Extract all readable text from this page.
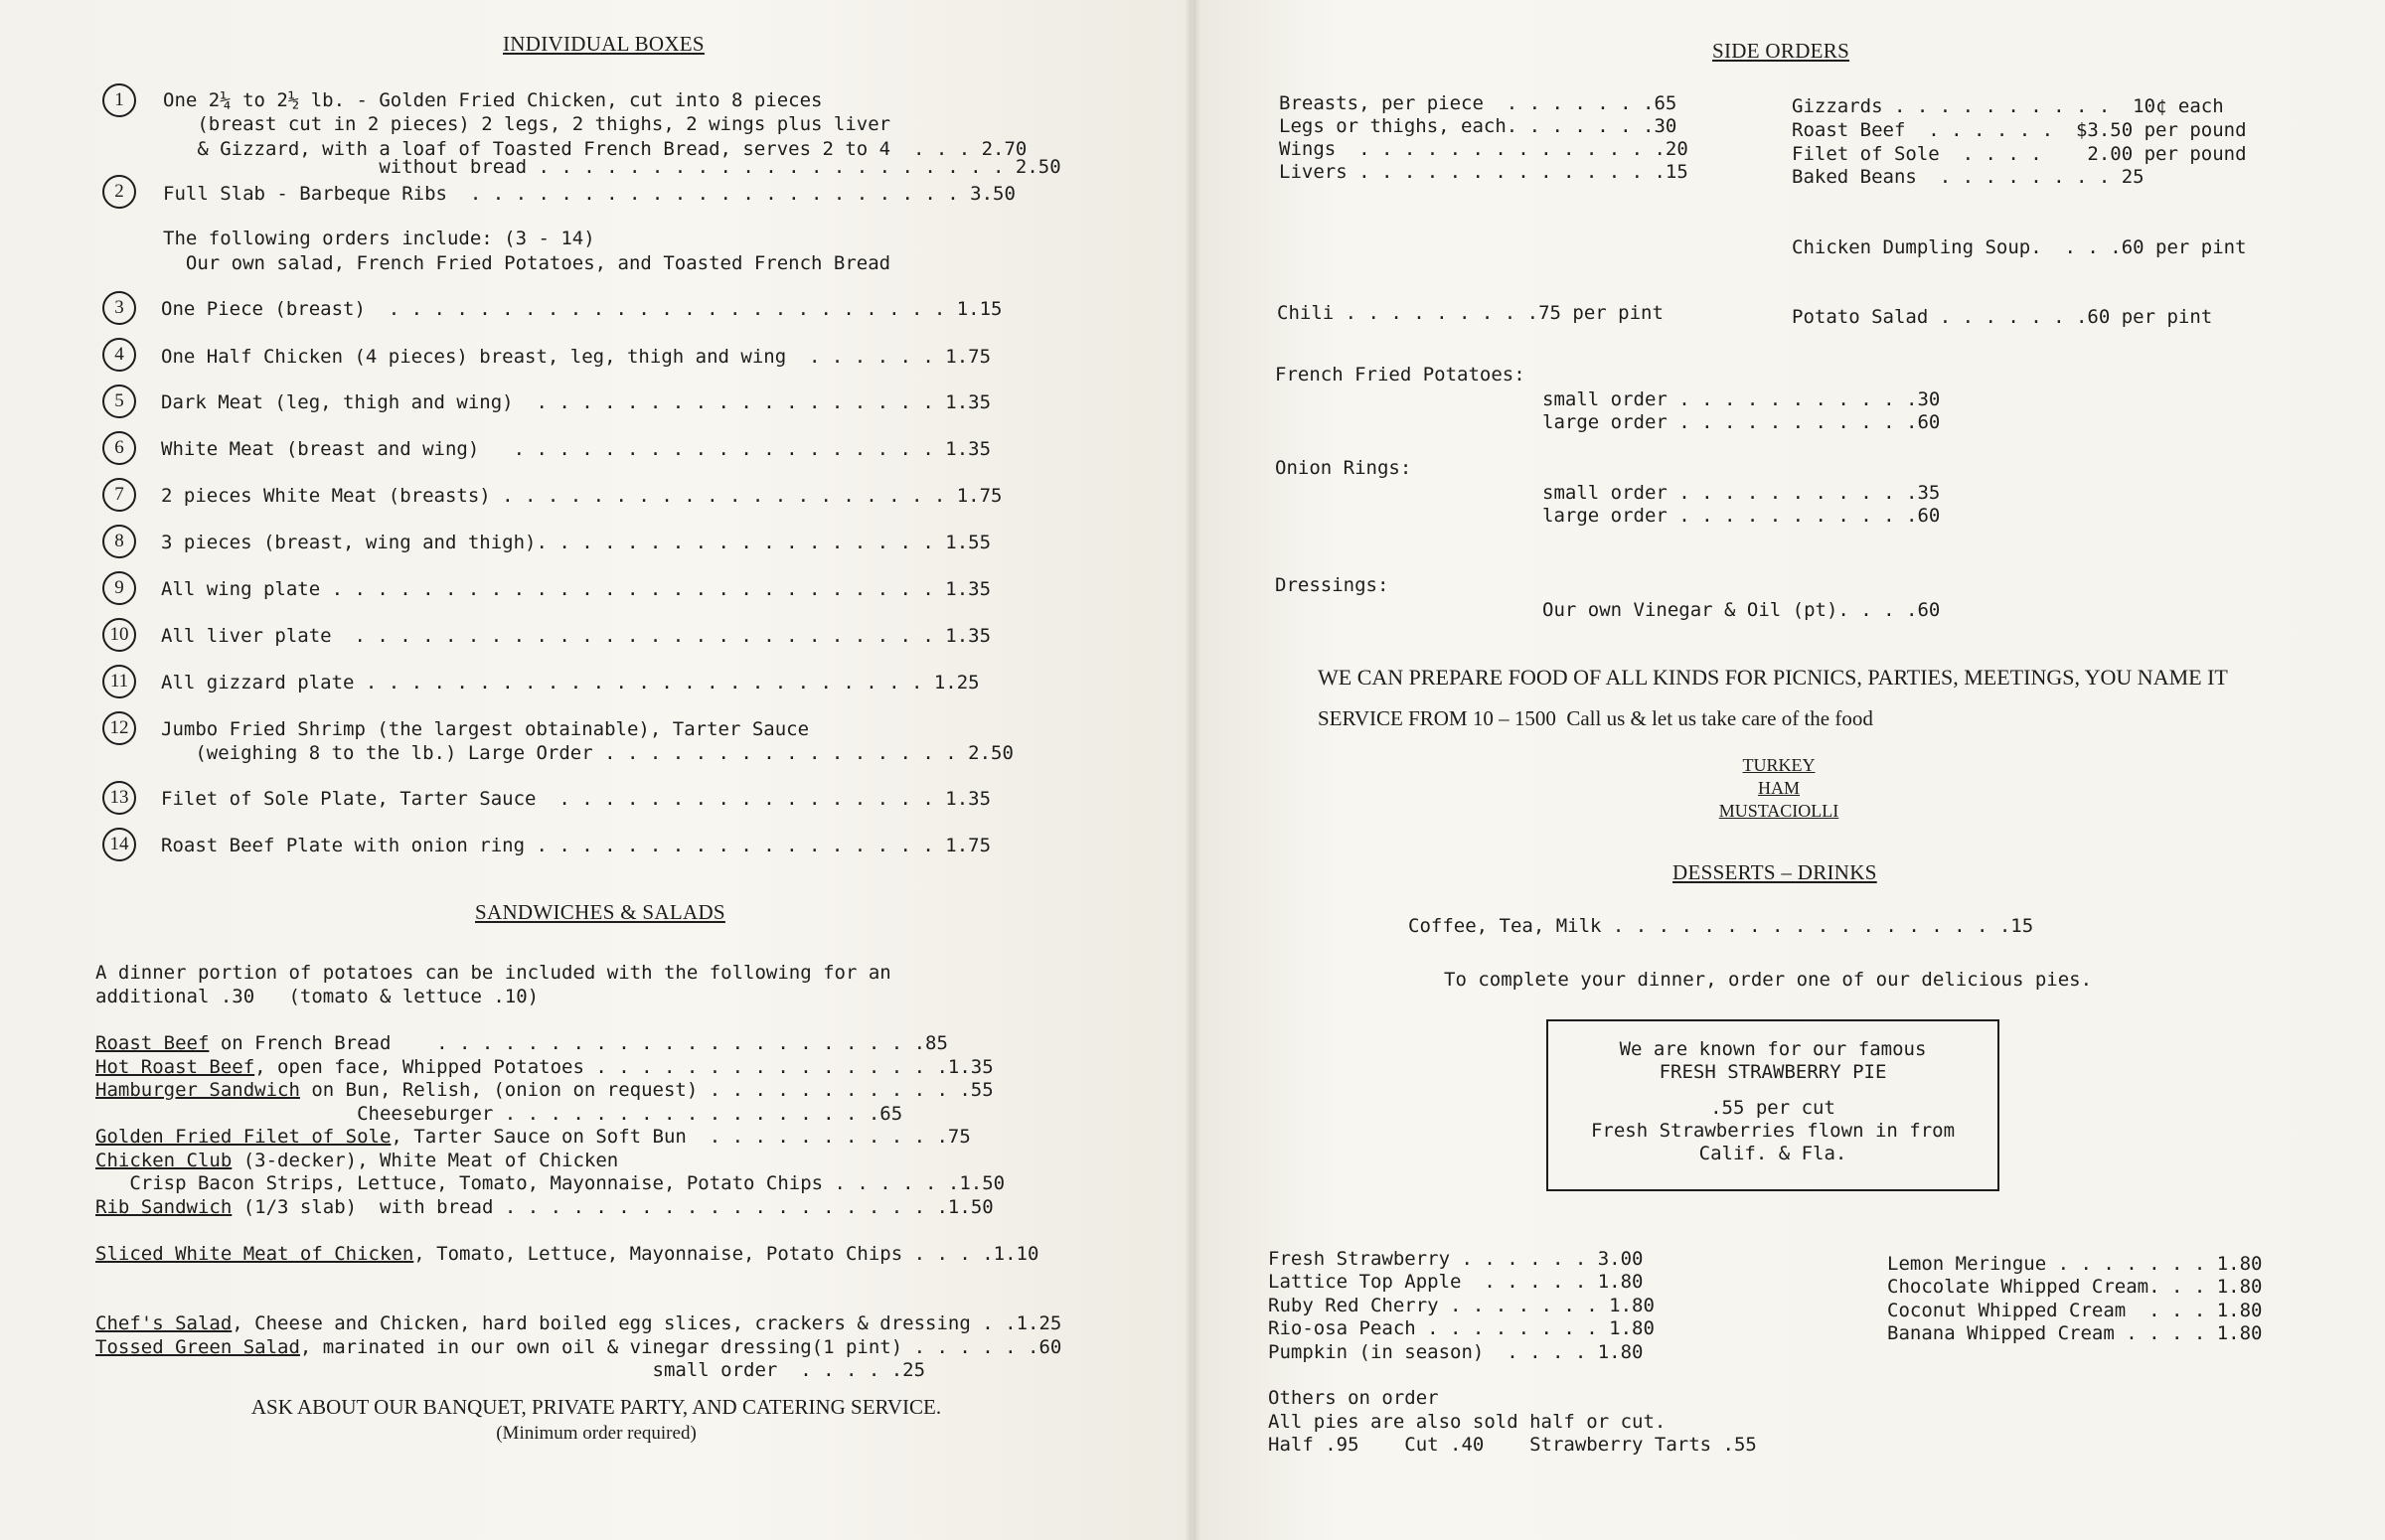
INDIVIDUAL BOXES
1	One 2¼ to 2½ lb. - Golden Fried Chicken, cut into 8 pieces
(breast cut in 2 pieces) 2 legs, 2 thighs, 2 wings plus liver
& Gizzard, with a loaf of Toasted French Bread, serves 2 to 4  . . . 2.70
without bread . . . . . . . . . . . . . . . . . . . . . 2.50
2	Full Slab - Barbeque Ribs  . . . . . . . . . . . . . . . . . . . . . . 3.50
The following orders include: (3 - 14)
Our own salad, French Fried Potatoes, and Toasted French Bread
3	One Piece (breast)  . . . . . . . . . . . . . . . . . . . . . . . . . 1.15
4	One Half Chicken (4 pieces) breast, leg, thigh and wing  . . . . . . 1.75
5	Dark Meat (leg, thigh and wing)  . . . . . . . . . . . . . . . . . . 1.35
6	White Meat (breast and wing)   . . . . . . . . . . . . . . . . . . . 1.35
7	2 pieces White Meat (breasts) . . . . . . . . . . . . . . . . . . . . 1.75
8	3 pieces (breast, wing and thigh). . . . . . . . . . . . . . . . . . 1.55
9	All wing plate . . . . . . . . . . . . . . . . . . . . . . . . . . . 1.35
10	All liver plate  . . . . . . . . . . . . . . . . . . . . . . . . . . 1.35
11	All gizzard plate . . . . . . . . . . . . . . . . . . . . . . . . . 1.25
12	Jumbo Fried Shrimp (the largest obtainable), Tarter Sauce
(weighing 8 to the lb.) Large Order . . . . . . . . . . . . . . . . 2.50
13	Filet of Sole Plate, Tarter Sauce  . . . . . . . . . . . . . . . . . 1.35
14	Roast Beef Plate with onion ring . . . . . . . . . . . . . . . . . . 1.75
SANDWICHES & SALADS
A dinner portion of potatoes can be included with the following for an
additional .30   (tomato & lettuce .10)
Roast Beef on French Bread    . . . . . . . . . . . . . . . . . . . . . .85
Hot Roast Beef, open face, Whipped Potatoes . . . . . . . . . . . . . . . .1.35
Hamburger Sandwich on Bun, Relish, (onion on request) . . . . . . . . . . . .55
Cheeseburger . . . . . . . . . . . . . . . . .65
Golden Fried Filet of Sole, Tarter Sauce on Soft Bun  . . . . . . . . . . .75
Chicken Club (3-decker), White Meat of Chicken
Crisp Bacon Strips, Lettuce, Tomato, Mayonnaise, Potato Chips . . . . . .1.50
Rib Sandwich (1/3 slab)  with bread . . . . . . . . . . . . . . . . . . . .1.50
Sliced White Meat of Chicken, Tomato, Lettuce, Mayonnaise, Potato Chips . . . .1.10
Chef's Salad, Cheese and Chicken, hard boiled egg slices, crackers & dressing . .1.25
Tossed Green Salad, marinated in our own oil & vinegar dressing(1 pint) . . . . . .60
small order  . . . . .25
ASK ABOUT OUR BANQUET, PRIVATE PARTY, AND CATERING SERVICE.
(Minimum order required)
SIDE ORDERS
Breasts, per piece  . . . . . . .65
Legs or thighs, each. . . . . . .30
Wings  . . . . . . . . . . . . . .20
Livers . . . . . . . . . . . . . .15
Gizzards . . . . . . . . . .  10¢ each
Roast Beef  . . . . . .  $3.50 per pound
Filet of Sole  . . . .    2.00 per pound
Baked Beans  . . . . . . . . 25
Chicken Dumpling Soup.  . . .60 per pint
Chili . . . . . . . . .75 per pint	Potato Salad . . . . . . .60 per pint
French Fried Potatoes:
small order . . . . . . . . . . .30
large order . . . . . . . . . . .60
Onion Rings:
small order . . . . . . . . . . .35
large order . . . . . . . . . . .60
Dressings:
Our own Vinegar & Oil (pt). . . .60
WE CAN PREPARE FOOD OF ALL KINDS FOR PICNICS, PARTIES, MEETINGS, YOU NAME IT
SERVICE FROM 10 – 1500  Call us & let us take care of the food
TURKEY
HAM
MUSTACIOLLI
DESSERTS – DRINKS
Coffee, Tea, Milk . . . . . . . . . . . . . . . . . .15
To complete your dinner, order one of our delicious pies.
We are known for our famous
FRESH STRAWBERRY PIE
.55 per cut
Fresh Strawberries flown in from
Calif. & Fla.
Fresh Strawberry . . . . . . 3.00
Lattice Top Apple  . . . . . 1.80
Ruby Red Cherry . . . . . . . 1.80
Rio-osa Peach . . . . . . . . 1.80
Pumpkin (in season)  . . . . 1.80
Lemon Meringue . . . . . . . 1.80
Chocolate Whipped Cream. . . 1.80
Coconut Whipped Cream  . . . 1.80
Banana Whipped Cream . . . . 1.80
Others on order
All pies are also sold half or cut.
Half .95    Cut .40    Strawberry Tarts .55
